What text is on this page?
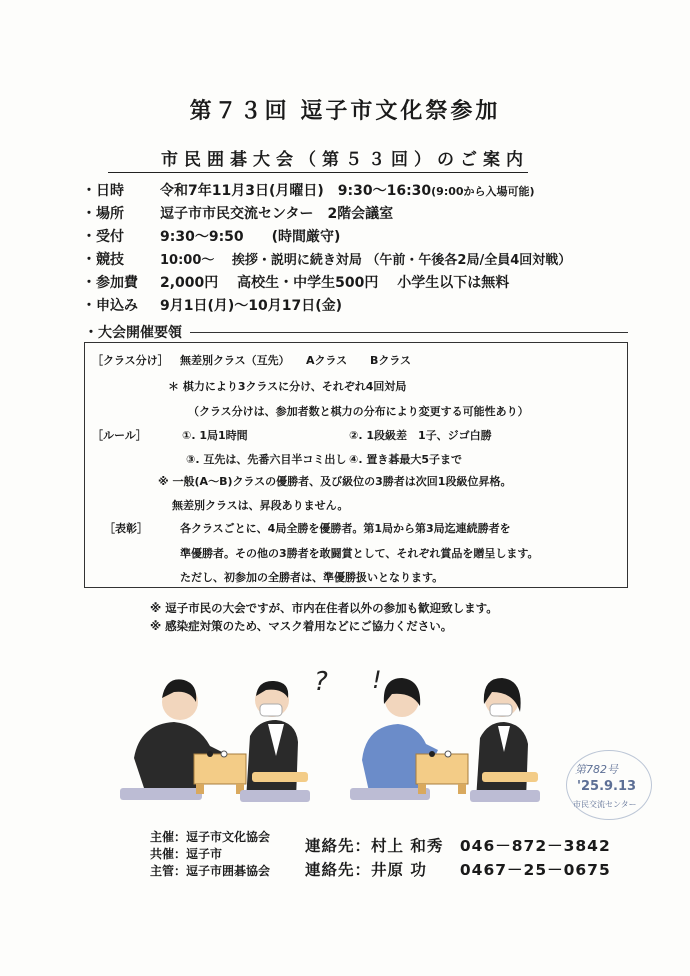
第７３回 逗子市文化祭参加
市民囲碁大会（第５３回）のご案内
・日時	令和7年11月3日(月曜日)　9:30～16:30(9:00から入場可能)
・場所	逗子市市民交流センター　2階会議室
・受付	9:30～9:50　　(時間厳守)
・競技	10:00～　 挨拶・説明に続き対局 （午前・午後各2局/全員4回対戦）
・参加費 2,000円　 高校生・中学生500円　 小学生以下は無料
・申込み 9月1日(月)～10月17日(金)
・大会開催要領
［クラス分け］ 無差別クラス（互先） Aクラス Bクラス
＊ 棋力により3クラスに分け、それぞれ4回対局
（クラス分けは、参加者数と棋力の分布により変更する可能性あり）
［ルール］	①. 1局1時間	②. 1段級差　1子、ジゴ白勝
③. 互先は、先番六目半コミ出し ④. 置き碁最大5子まで
※ 一般(A～B)クラスの優勝者、及び級位の3勝者は次回1段級位昇格。
無差別クラスは、昇段ありません。
［表彰］	各クラスごとに、4局全勝を優勝者。第1局から第3局迄連続勝者を
準優勝者。その他の3勝者を敢闘賞として、それぞれ賞品を贈呈します。
ただし、初参加の全勝者は、準優勝扱いとなります。
※ 逗子市民の大会ですが、市内在住者以外の参加も歓迎致します。
※ 感染症対策のため、マスク着用などにご協力ください。
? !
主催：逗子市文化協会
共催：逗子市
主管：逗子市囲碁協会
連絡先：村上 和秀　046－872－3842
連絡先：井原 功　　0467－25－0675
第782号
'25.9.13
市民交流センター
